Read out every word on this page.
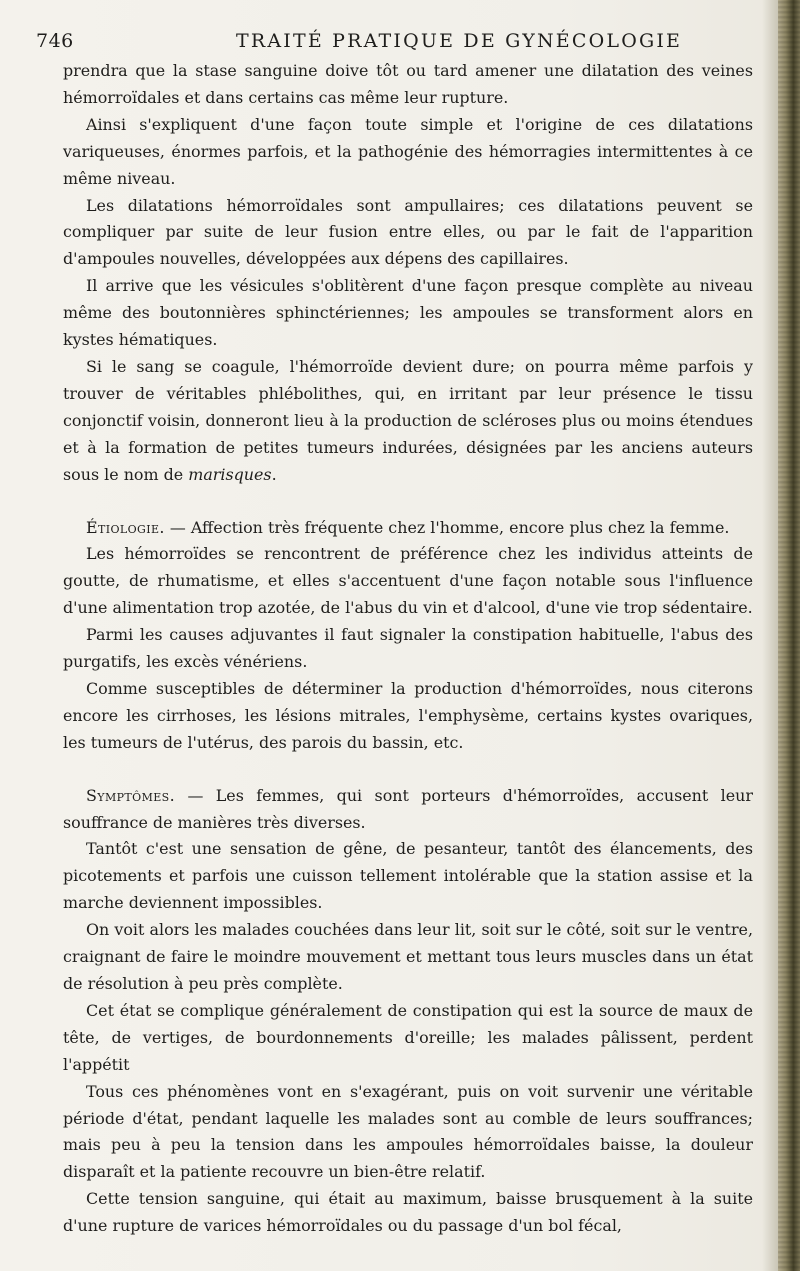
746	TRAITÉ PRATIQUE DE GYNÉCOLOGIE

prendra que la stase sanguine doive tôt ou tard amener une dilatation des veines hémorroïdales et dans certains cas même leur rupture.

Ainsi s'expliquent d'une façon toute simple et l'origine de ces dilatations variqueuses, énormes parfois, et la pathogénie des hémorragies intermittentes à ce même niveau.

Les dilatations hémorroïdales sont ampullaires; ces dilatations peuvent se compliquer par suite de leur fusion entre elles, ou par le fait de l'apparition d'ampoules nouvelles, développées aux dépens des capillaires.

Il arrive que les vésicules s'oblitèrent d'une façon presque complète au niveau même des boutonnières sphinctériennes; les ampoules se transforment alors en kystes hématiques.

Si le sang se coagule, l'hémorroïde devient dure; on pourra même parfois y trouver de véritables phlébolithes, qui, en irritant par leur présence le tissu conjonctif voisin, donneront lieu à la production de scléroses plus ou moins étendues et à la formation de petites tumeurs indurées, désignées par les anciens auteurs sous le nom de marisques.

Étiologie. — Affection très fréquente chez l'homme, encore plus chez la femme.

Les hémorroïdes se rencontrent de préférence chez les individus atteints de goutte, de rhumatisme, et elles s'accentuent d'une façon notable sous l'influence d'une alimentation trop azotée, de l'abus du vin et d'alcool, d'une vie trop sédentaire.

Parmi les causes adjuvantes il faut signaler la constipation habituelle, l'abus des purgatifs, les excès vénériens.

Comme susceptibles de déterminer la production d'hémorroïdes, nous citerons encore les cirrhoses, les lésions mitrales, l'emphysème, certains kystes ovariques, les tumeurs de l'utérus, des parois du bassin, etc.

Symptômes. — Les femmes, qui sont porteurs d'hémorroïdes, accusent leur souffrance de manières très diverses.

Tantôt c'est une sensation de gêne, de pesanteur, tantôt des élancements, des picotements et parfois une cuisson tellement intolérable que la station assise et la marche deviennent impossibles.

On voit alors les malades couchées dans leur lit, soit sur le côté, soit sur le ventre, craignant de faire le moindre mouvement et mettant tous leurs muscles dans un état de résolution à peu près complète.

Cet état se complique généralement de constipation qui est la source de maux de tête, de vertiges, de bourdonnements d'oreille; les malades pâlissent, perdent l'appétit

Tous ces phénomènes vont en s'exagérant, puis on voit survenir une véritable période d'état, pendant laquelle les malades sont au comble de leurs souffrances; mais peu à peu la tension dans les ampoules hémorroïdales baisse, la douleur disparaît et la patiente recouvre un bien-être relatif.

Cette tension sanguine, qui était au maximum, baisse brusquement à la suite d'une rupture de varices hémorroïdales ou du passage d'un bol fécal,
